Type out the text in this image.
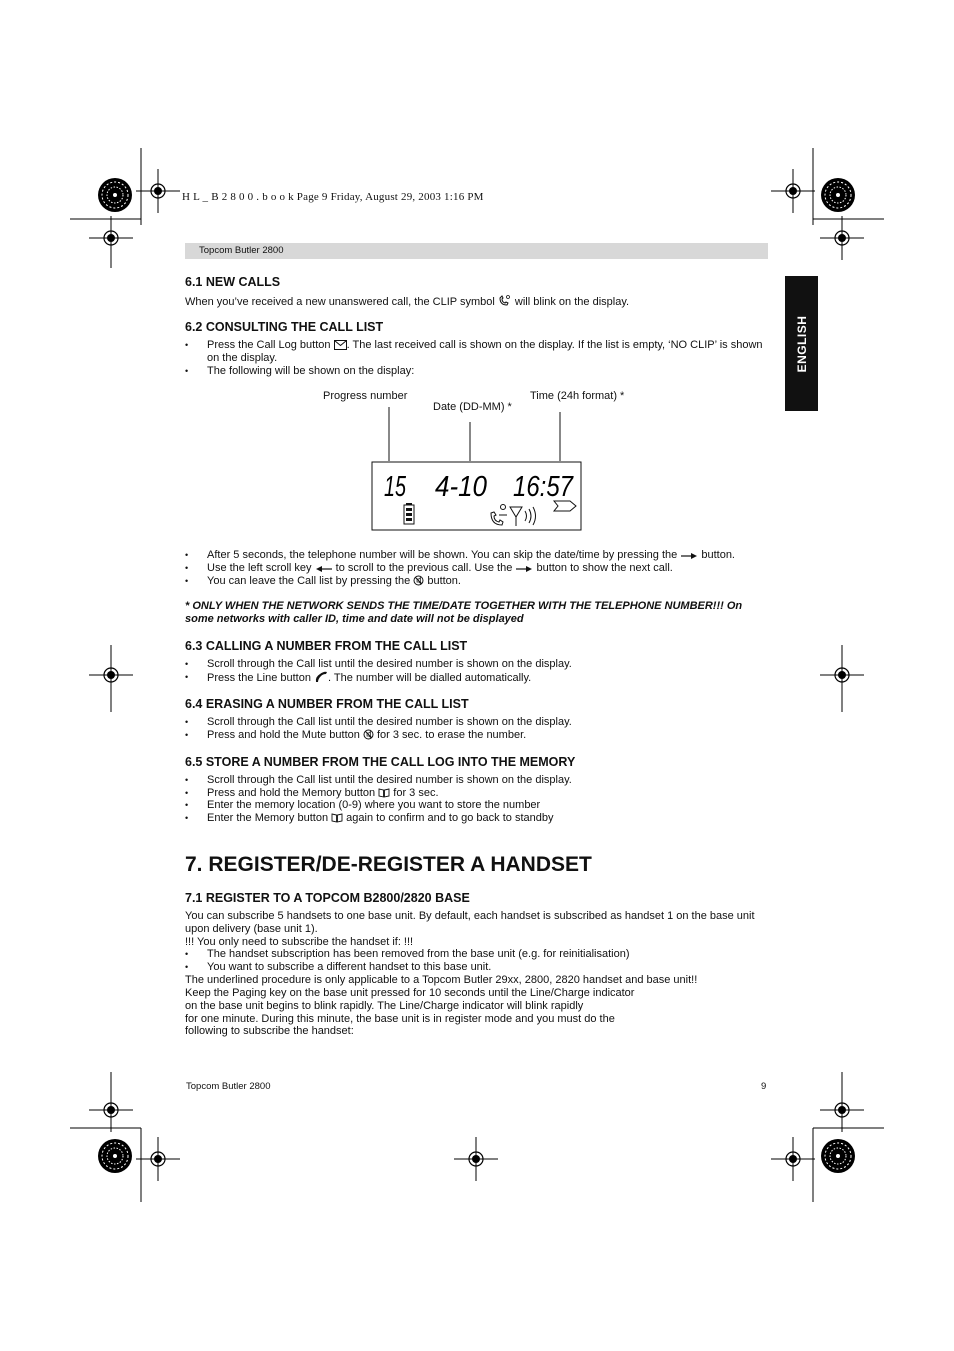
H L _ B 2 8 0 0 . b o o k Page 9 Friday, August 29, 2003 1:16 PM
Topcom Butler 2800
ENGLISH
6.1 NEW CALLS
When you’ve received a new unanswered call, the CLIP symbol  will blink on the display.
6.2 CONSULTING THE CALL LIST
• Press the Call Log button . The last received call is shown on the display. If the list is empty, ‘NO CLIP’ is shown on the display.
• The following will be shown on the display:
Progress number
Date (DD-MM) *
Time (24h format) *
15 4-10 16:57
• After 5 seconds, the telephone number will be shown. You can skip the date/time by pressing the  button.
• Use the left scroll key  to scroll to the previous call. Use the  button to show the next call.
• You can leave the Call list by pressing the  button.
* ONLY WHEN THE NETWORK SENDS THE TIME/DATE TOGETHER WITH THE TELEPHONE NUMBER!!! On some networks with caller ID, time and date will not be displayed
6.3 CALLING A NUMBER FROM THE CALL LIST
• Scroll through the Call list until the desired number is shown on the display.
• Press the Line button . The number will be dialled automatically.
6.4 ERASING A NUMBER FROM THE CALL LIST
• Scroll through the Call list until the desired number is shown on the display.
• Press and hold the Mute button  for 3 sec. to erase the number.
6.5 STORE A NUMBER FROM THE CALL LOG INTO THE MEMORY
• Scroll through the Call list until the desired number is shown on the display.
• Press and hold the Memory button  for 3 sec.
• Enter the memory location (0-9) where you want to store the number
• Enter the Memory button  again to confirm and to go back to standby
7. REGISTER/DE-REGISTER A HANDSET
7.1 REGISTER TO A TOPCOM B2800/2820 BASE
You can subscribe 5 handsets to one base unit. By default, each handset is subscribed as handset 1 on the base unit upon delivery (base unit 1).
!!! You only need to subscribe the handset if: !!!
• The handset subscription has been removed from the base unit (e.g. for reinitialisation)
• You want to subscribe a different handset to this base unit.
The underlined procedure is only applicable to a Topcom Butler 29xx, 2800, 2820 handset and base unit!!
Keep the Paging key on the base unit pressed for 10 seconds until the Line/Charge indicator
on the base unit begins to blink rapidly. The Line/Charge indicator will blink rapidly
for one minute. During this minute, the base unit is in register mode and you must do the
following to subscribe the handset:
Topcom Butler 2800	9
